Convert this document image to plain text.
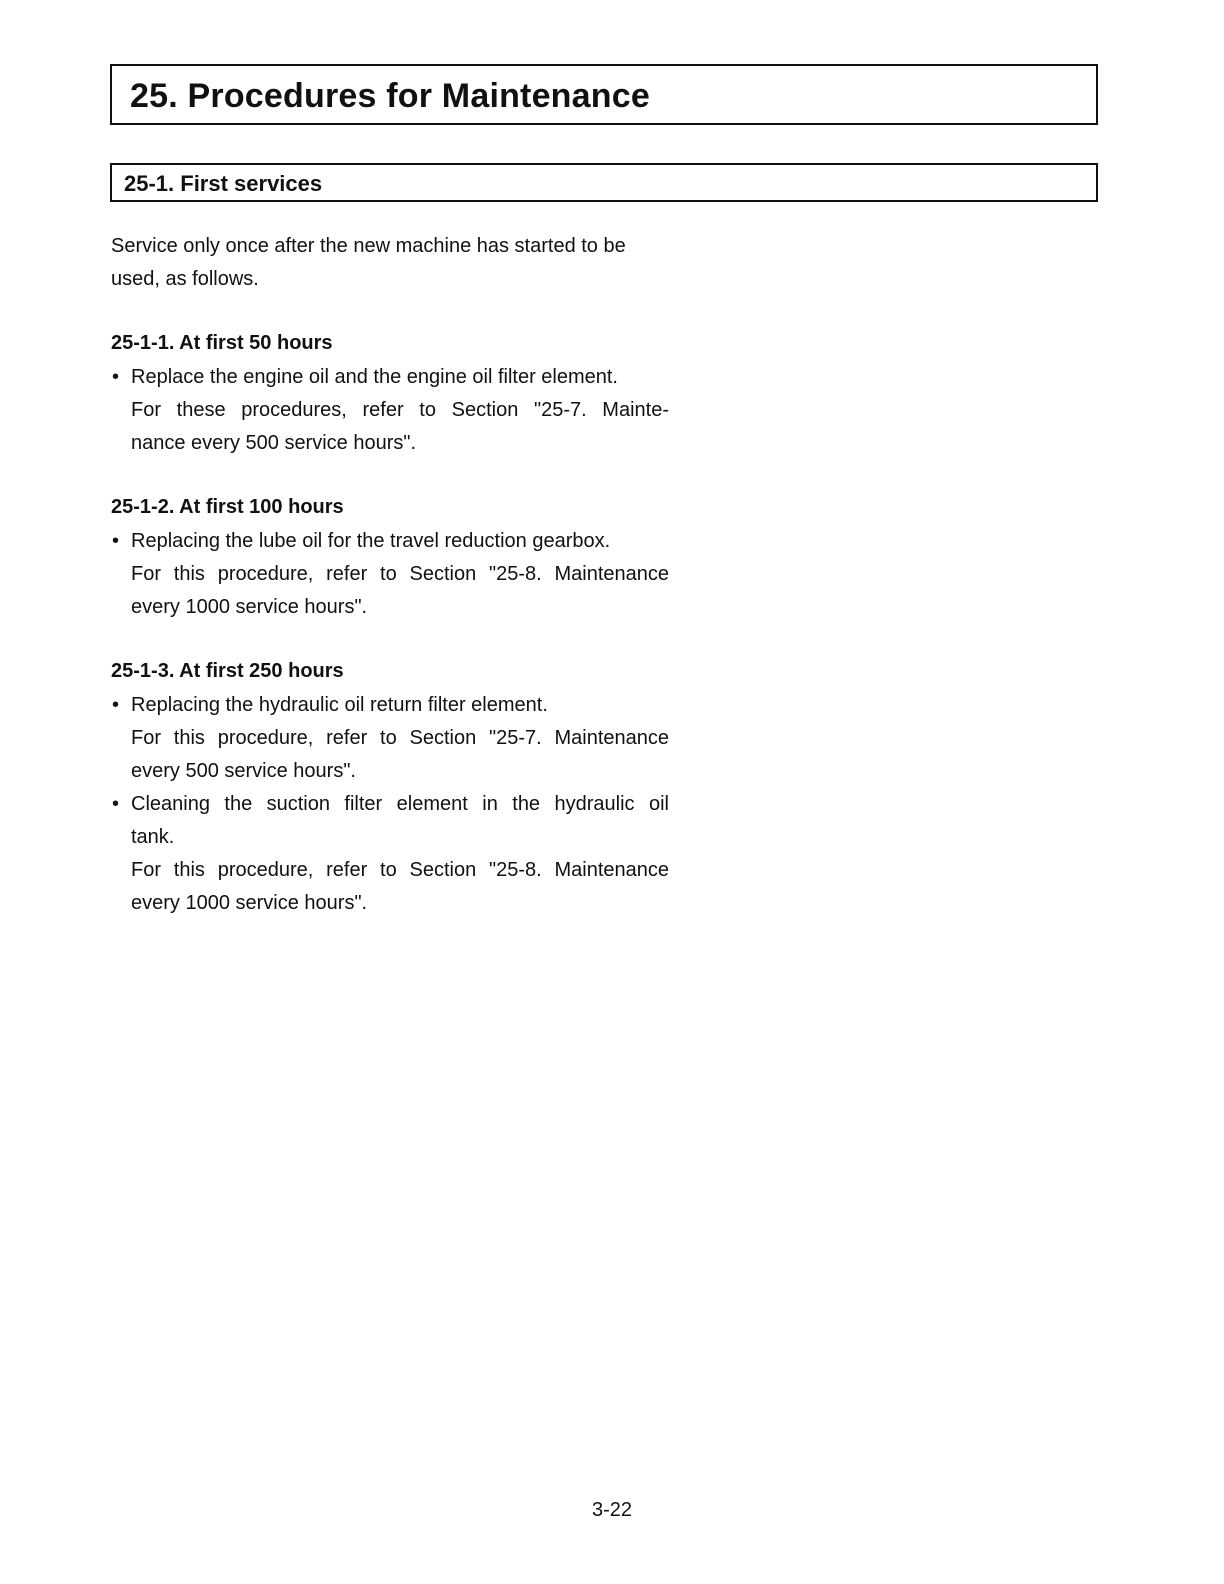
25. Procedures for Maintenance
25-1. First services

Service only once after the new machine has started to be
used, as follows.

25-1-1. At first 50 hours
• Replace the engine oil and the engine oil filter element.
For these procedures, refer to Section "25-7. Mainte-
nance every 500 service hours".
25-1-2. At first 100 hours
• Replacing the lube oil for the travel reduction gearbox.
For this procedure, refer to Section "25-8. Maintenance
every 1000 service hours".
25-1-3. At first 250 hours
• Replacing the hydraulic oil return filter element.
For this procedure, refer to Section "25-7. Maintenance
every 500 service hours".
• Cleaning the suction filter element in the hydraulic oil
tank.
For this procedure, refer to Section "25-8. Maintenance
every 1000 service hours".
3-22
